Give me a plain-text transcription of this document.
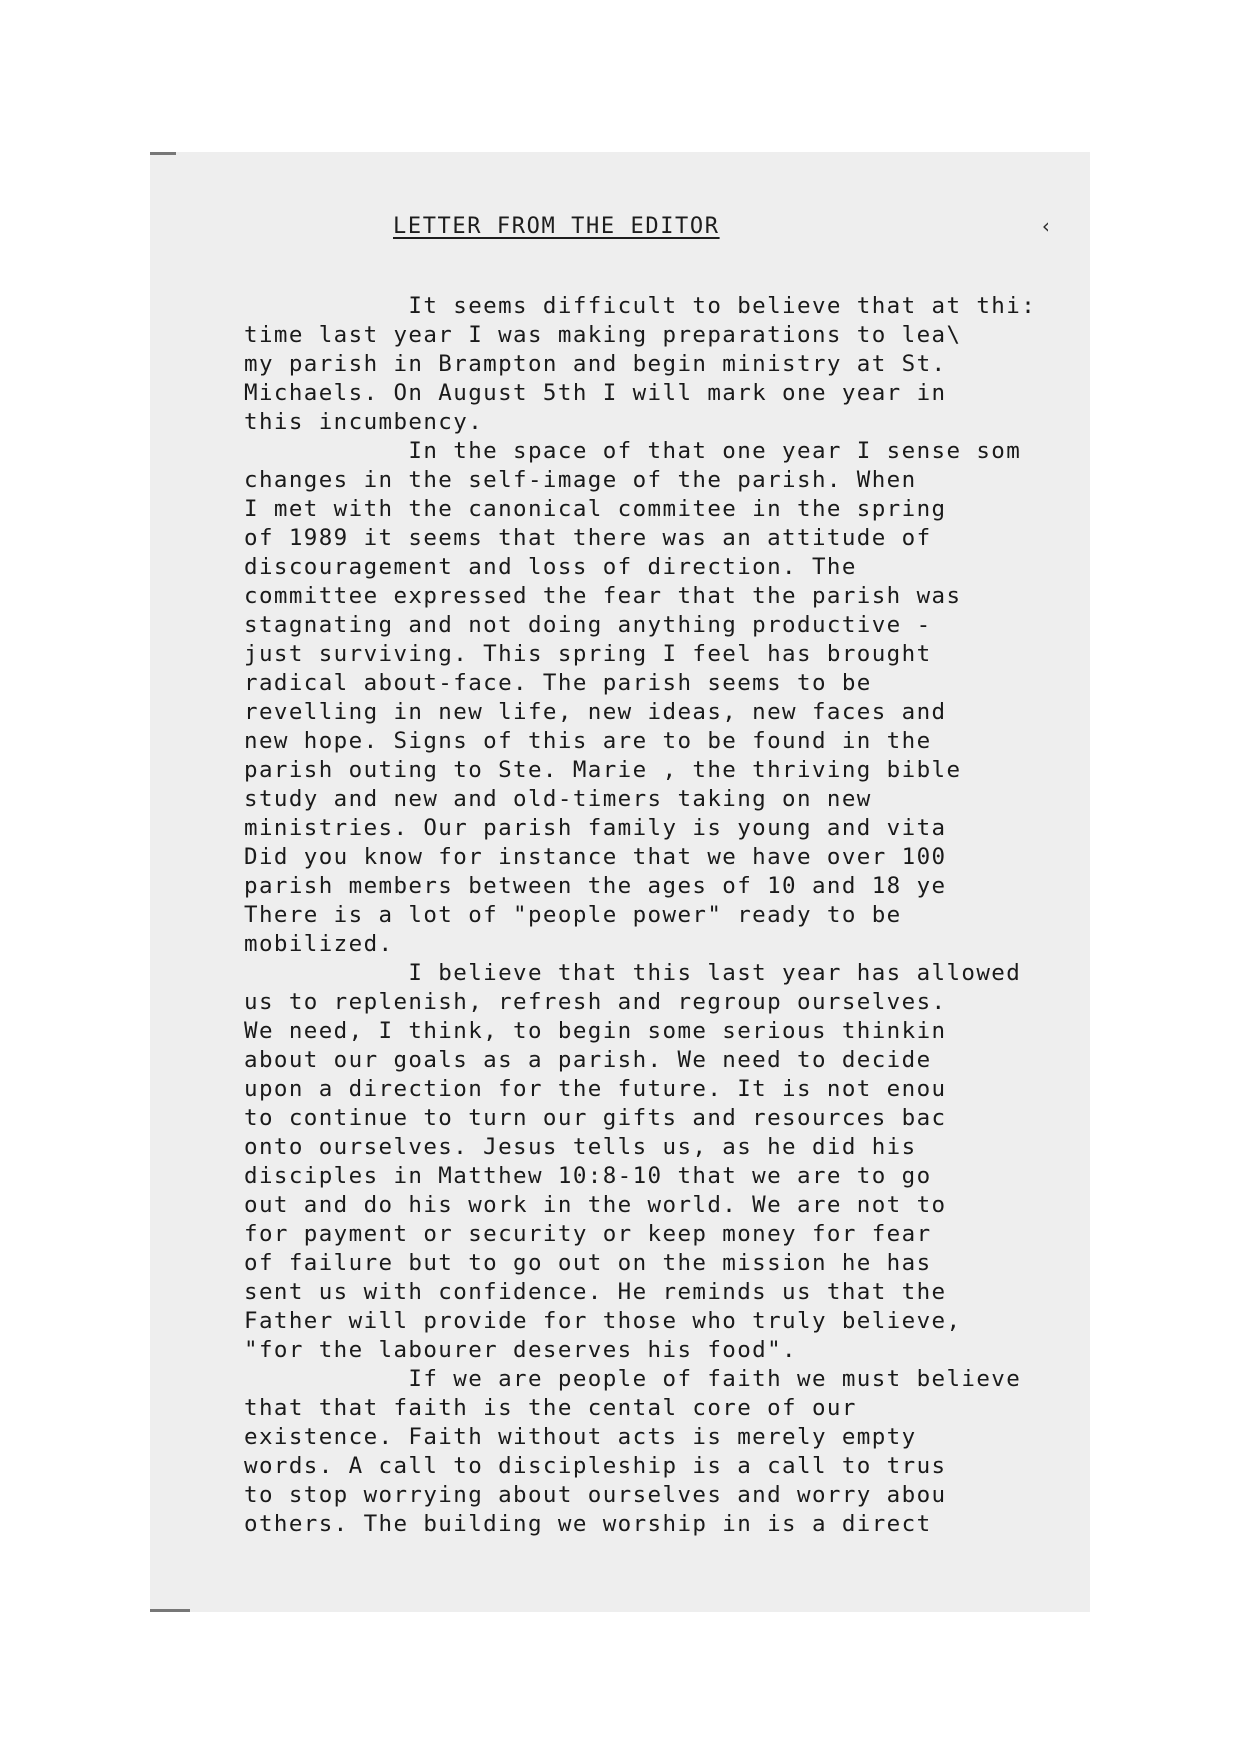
LETTER FROM THE EDITOR	‹
It seems difficult to believe that at thi:
time last year I was making preparations to lea\
my parish in Brampton and begin ministry at St.
Michaels. On August 5th I will mark one year in
this incumbency.
In the space of that one year I sense som
changes in the self-image of the parish. When
I met with the canonical commitee in the spring
of 1989 it seems that there was an attitude of
discouragement and loss of direction. The
committee expressed the fear that the parish was
stagnating and not doing anything productive -
just surviving. This spring I feel has brought
radical about-face. The parish seems to be
revelling in new life, new ideas, new faces and
new hope. Signs of this are to be found in the
parish outing to Ste. Marie , the thriving bible
study and new and old-timers taking on new
ministries. Our parish family is young and vita
Did you know for instance that we have over 100
parish members between the ages of 10 and 18 ye
There is a lot of "people power" ready to be
mobilized.
I believe that this last year has allowed
us to replenish, refresh and regroup ourselves.
We need, I think, to begin some serious thinkin
about our goals as a parish. We need to decide
upon a direction for the future. It is not enou
to continue to turn our gifts and resources bac
onto ourselves. Jesus tells us, as he did his
disciples in Matthew 10:8-10 that we are to go
out and do his work in the world. We are not to
for payment or security or keep money for fear
of failure but to go out on the mission he has
sent us with confidence. He reminds us that the
Father will provide for those who truly believe,
"for the labourer deserves his food".
If we are people of faith we must believe
that that faith is the cental core of our
existence. Faith without acts is merely empty
words. A call to discipleship is a call to trus
to stop worrying about ourselves and worry abou
others. The building we worship in is a direct
